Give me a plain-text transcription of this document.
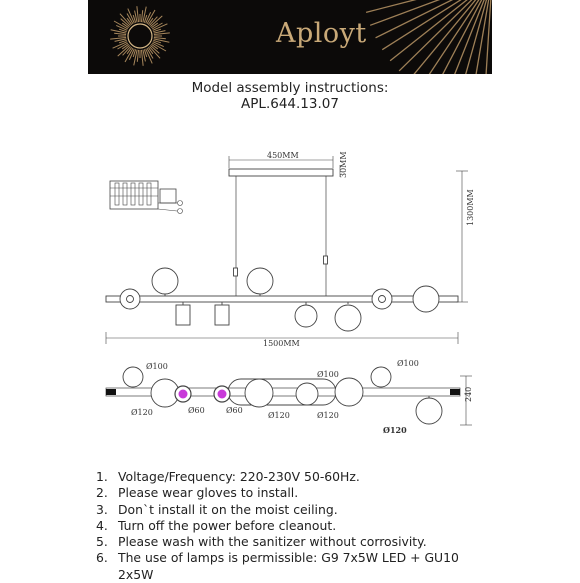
Aployt
Model assembly instructions:
APL.644.13.07
450MM	30MM
1300MM
1500MM
240
Ø100
Ø100
Ø100
Ø120	Ø60	Ø60
Ø120	Ø120
Ø120
1. Voltage/Frequency: 220-230V 50-60Hz.
2. Please wear gloves to install.
3. Don`t install it on the moist ceiling.
4. Turn off the power before cleanout.
5. Please wash with the sanitizer without corrosivity.
6. The use of lamps is permissible: G9 7x5W LED + GU10 2x5W
